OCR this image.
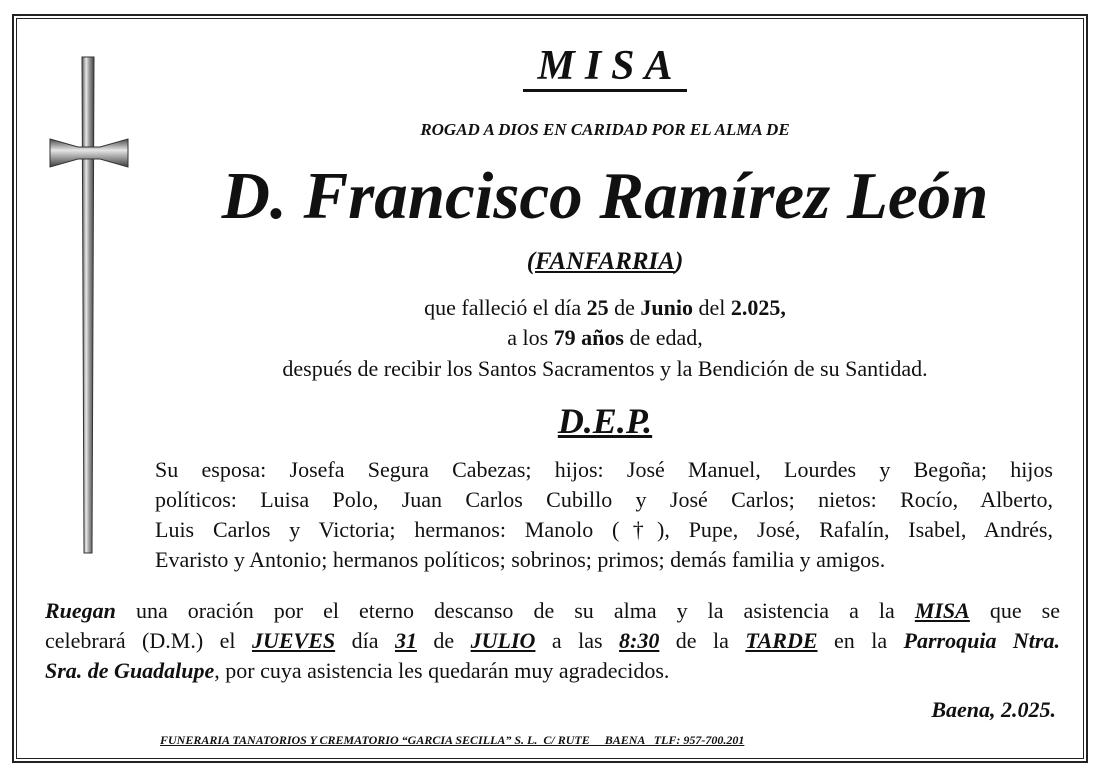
MISA
ROGAD A DIOS EN CARIDAD POR EL ALMA DE
D. Francisco Ramírez León
(FANFARRIA)
que falleció el día 25 de Junio del 2.025,
a los 79 años de edad,
después de recibir los Santos Sacramentos y la Bendición de su Santidad.
D.E.P.
Su esposa: Josefa Segura Cabezas; hijos: José Manuel, Lourdes y Begoña; hijos
políticos: Luisa Polo, Juan Carlos Cubillo y José Carlos; nietos: Rocío, Alberto,
Luis Carlos y Victoria; hermanos: Manolo (†), Pupe, José, Rafalín, Isabel, Andrés,
Evaristo y Antonio; hermanos políticos; sobrinos; primos; demás familia y amigos.
Ruegan una oración por el eterno descanso de su alma y la asistencia a la MISA que se
celebrará (D.M.) el JUEVES día 31 de JULIO a las 8:30 de la TARDE en la Parroquia Ntra.
Sra. de Guadalupe, por cuya asistencia les quedarán muy agradecidos.
Baena, 2.025.
FUNERARIA TANATORIOS Y CREMATORIO “GARCIA SECILLA” S. L.  C/ RUTE     BAENA   TLF: 957-700.201
